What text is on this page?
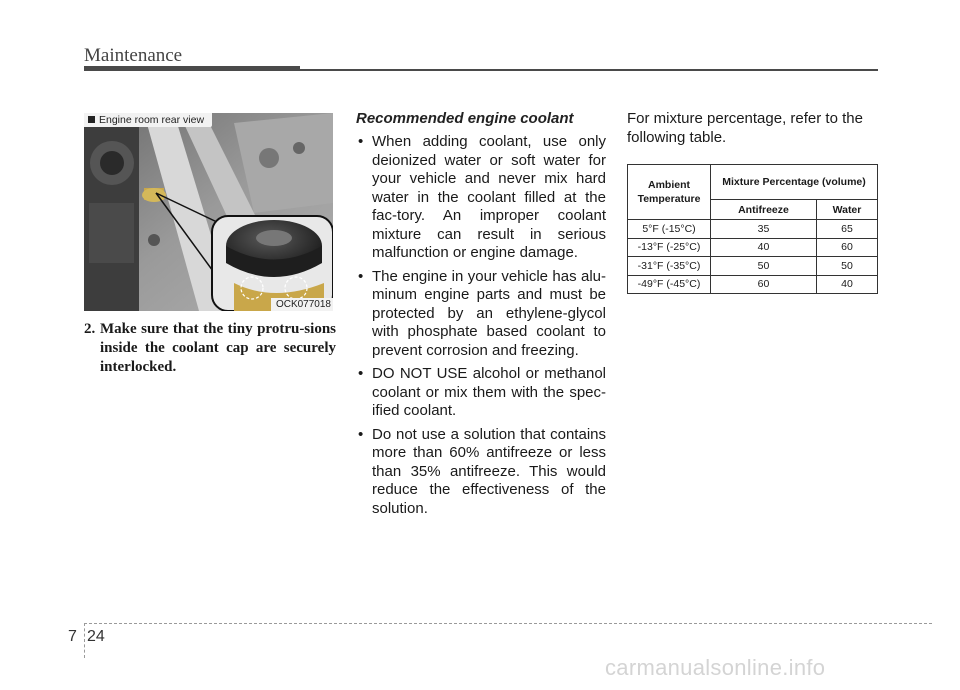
Maintenance
Engine room rear view
OCK077018
2. Make sure that the tiny protru-sions inside the coolant cap are securely interlocked.
Recommended engine coolant
• When adding coolant, use only deionized water or soft water for your vehicle and never mix hard water in the coolant filled at the fac-tory. An improper coolant mixture can result in serious malfunction or engine damage.
• The engine in your vehicle has alu-minum engine parts and must be protected by an ethylene-glycol with phosphate based coolant to prevent corrosion and freezing.
• DO NOT USE alcohol or methanol coolant or mix them with the spec-ified coolant.
• Do not use a solution that contains more than 60% antifreeze or less than 35% antifreeze. This would reduce the effectiveness of the solution.

For mixture percentage, refer to the following table.

Ambient Temperature	Mixture Percentage (volume)	
	Antifreeze	Water
5°F (-15°C)	35	65
-13°F (-25°C)	40	60
-31°F (-35°C)	50	50
-49°F (-45°C)	60	40
7 24
carmanualsonline.info
